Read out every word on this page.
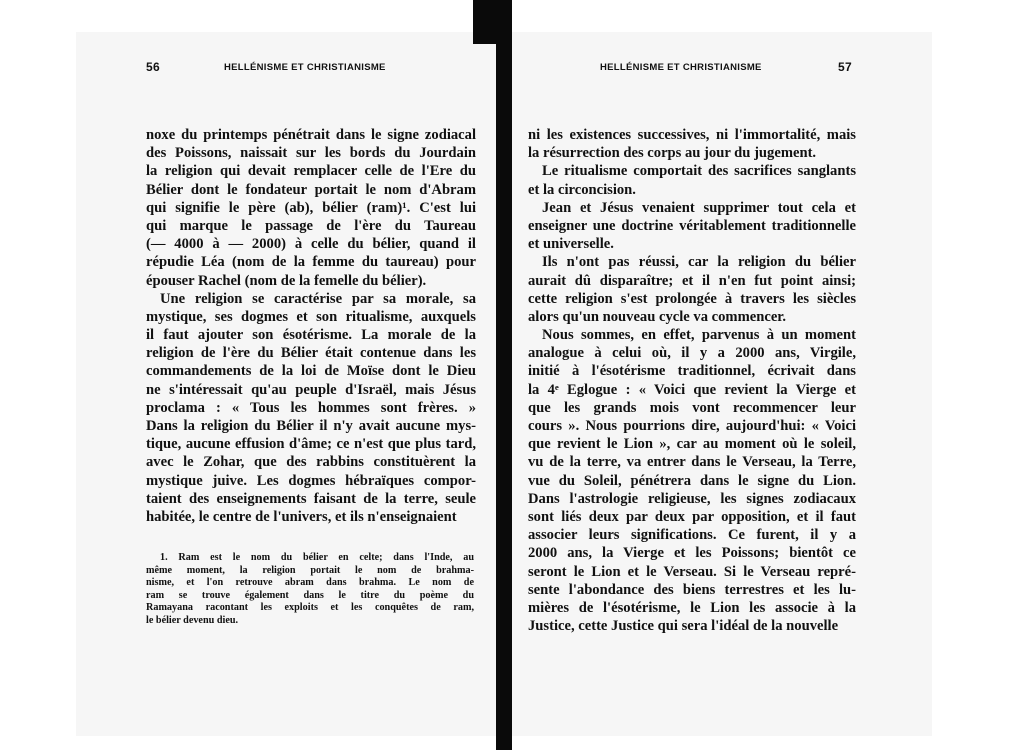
56	HELLÉNISME ET CHRISTIANISME	HELLÉNISME ET CHRISTIANISME	57
noxe du printemps pénétrait dans le signe zodiacal
des Poissons, naissait sur les bords du Jourdain
la religion qui devait remplacer celle de l'Ere du
Bélier dont le fondateur portait le nom d'Abram
qui signifie le père (ab), bélier (ram)¹. C'est lui
qui marque le passage de l'ère du Taureau
(— 4000 à — 2000) à celle du bélier, quand il
répudie Léa (nom de la femme du taureau) pour
épouser Rachel (nom de la femelle du bélier).
Une religion se caractérise par sa morale, sa
mystique, ses dogmes et son ritualisme, auxquels
il faut ajouter son ésotérisme. La morale de la
religion de l'ère du Bélier était contenue dans les
commandements de la loi de Moïse dont le Dieu
ne s'intéressait qu'au peuple d'Israël, mais Jésus
proclama : « Tous les hommes sont frères. »
Dans la religion du Bélier il n'y avait aucune mys-
tique, aucune effusion d'âme; ce n'est que plus tard,
avec le Zohar, que des rabbins constituèrent la
mystique juive. Les dogmes hébraïques compor-
taient des enseignements faisant de la terre, seule
habitée, le centre de l'univers, et ils n'enseignaient
1. Ram est le nom du bélier en celte; dans l'Inde, au
même moment, la religion portait le nom de brahma-
nisme, et l'on retrouve abram dans brahma. Le nom de
ram se trouve également dans le titre du poème du
Ramayana racontant les exploits et les conquêtes de ram,
le bélier devenu dieu.
ni les existences successives, ni l'immortalité, mais
la résurrection des corps au jour du jugement.
Le ritualisme comportait des sacrifices sanglants
et la circoncision.
Jean et Jésus venaient supprimer tout cela et
enseigner une doctrine véritablement traditionnelle
et universelle.
Ils n'ont pas réussi, car la religion du bélier
aurait dû disparaître; et il n'en fut point ainsi;
cette religion s'est prolongée à travers les siècles
alors qu'un nouveau cycle va commencer.
Nous sommes, en effet, parvenus à un moment
analogue à celui où, il y a 2000 ans, Virgile,
initié à l'ésotérisme traditionnel, écrivait dans
la 4ᵉ Eglogue : « Voici que revient la Vierge et
que les grands mois vont recommencer leur
cours ». Nous pourrions dire, aujourd'hui: « Voici
que revient le Lion », car au moment où le soleil,
vu de la terre, va entrer dans le Verseau, la Terre,
vue du Soleil, pénétrera dans le signe du Lion.
Dans l'astrologie religieuse, les signes zodiacaux
sont liés deux par deux par opposition, et il faut
associer leurs significations. Ce furent, il y a
2000 ans, la Vierge et les Poissons; bientôt ce
seront le Lion et le Verseau. Si le Verseau repré-
sente l'abondance des biens terrestres et les lu-
mières de l'ésotérisme, le Lion les associe à la
Justice, cette Justice qui sera l'idéal de la nouvelle
